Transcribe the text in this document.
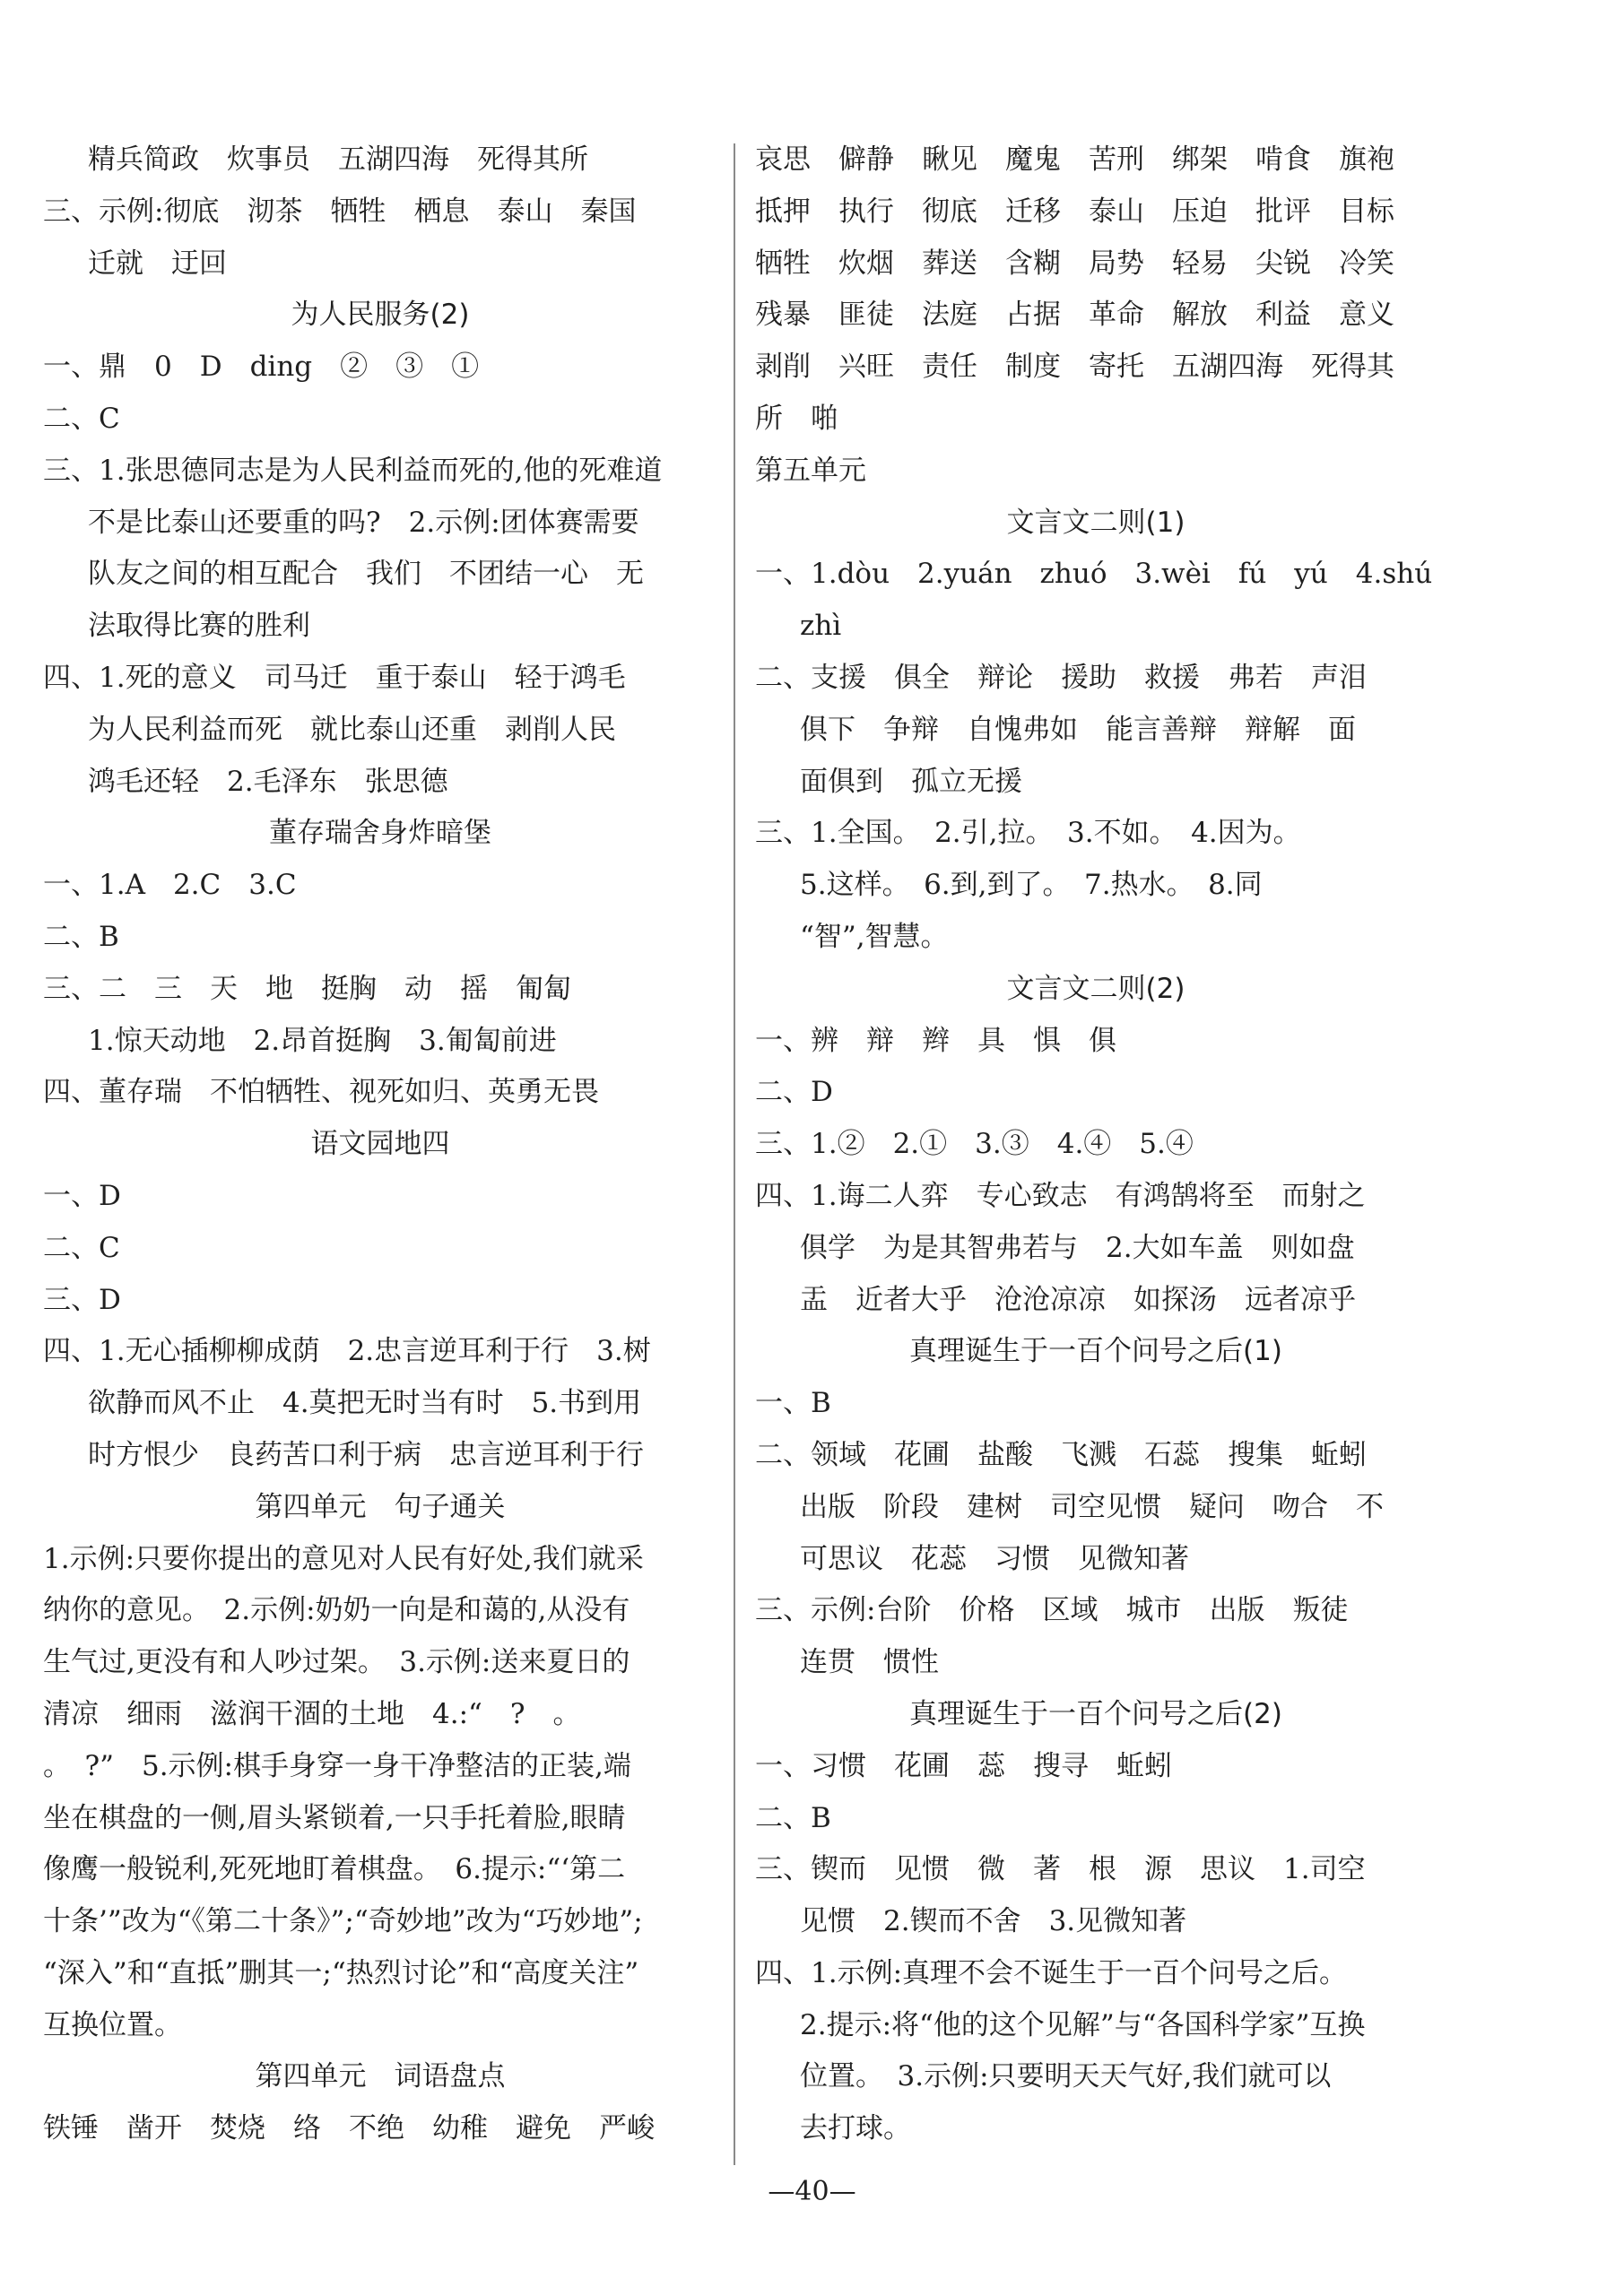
精兵简政　炊事员　五湖四海　死得其所
三、示例:彻底　沏茶　牺牲　栖息　泰山　秦国
迁就　迂回
为人民服务(2)
一、鼎　0　D　ding　②　③　①
二、C
三、1.张思德同志是为人民利益而死的,他的死难道
不是比泰山还要重的吗?　2.示例:团体赛需要
队友之间的相互配合　我们　不团结一心　无
法取得比赛的胜利
四、1.死的意义　司马迁　重于泰山　轻于鸿毛
为人民利益而死　就比泰山还重　剥削人民
鸿毛还轻　2.毛泽东　张思德
董存瑞舍身炸暗堡
一、1.A　2.C　3.C
二、B
三、二　三　天　地　挺胸　动　摇　匍匐
1.惊天动地　2.昂首挺胸　3.匍匐前进
四、董存瑞　不怕牺牲、视死如归、英勇无畏
语文园地四
一、D
二、C
三、D
四、1.无心插柳柳成荫　2.忠言逆耳利于行　3.树
欲静而风不止　4.莫把无时当有时　5.书到用
时方恨少　良药苦口利于病　忠言逆耳利于行
第四单元　句子通关
1.示例:只要你提出的意见对人民有好处,我们就采
纳你的意见。　2.示例:奶奶一向是和蔼的,从没有
生气过,更没有和人吵过架。　3.示例:送来夏日的
清凉　细雨　滋润干涸的土地　4.:“　?　。
。　?”　5.示例:棋手身穿一身干净整洁的正装,端
坐在棋盘的一侧,眉头紧锁着,一只手托着脸,眼睛
像鹰一般锐利,死死地盯着棋盘。　6.提示:“‘第二
十条’”改为“《第二十条》”;“奇妙地”改为“巧妙地”;
“深入”和“直抵”删其一;“热烈讨论”和“高度关注”
互换位置。
第四单元　词语盘点
铁锤　凿开　焚烧　络　不绝　幼稚　避免　严峻
哀思　僻静　瞅见　魔鬼　苦刑　绑架　啃食　旗袍
抵押　执行　彻底　迁移　泰山　压迫　批评　目标
牺牲　炊烟　葬送　含糊　局势　轻易　尖锐　冷笑
残暴　匪徒　法庭　占据　革命　解放　利益　意义
剥削　兴旺　责任　制度　寄托　五湖四海　死得其
所　啪
第五单元
文言文二则(1)
一、1.dòu　2.yuán　zhuó　3.wèi　fú　yú　4.shú
zhì
二、支援　俱全　辩论　援助　救援　弗若　声泪
俱下　争辩　自愧弗如　能言善辩　辩解　面
面俱到　孤立无援
三、1.全国。　2.引,拉。　3.不如。　4.因为。
5.这样。　6.到,到了。　7.热水。　8.同
“智”,智慧。
文言文二则(2)
一、辨　辩　辫　具　惧　俱
二、D
三、1.②　2.①　3.③　4.④　5.④
四、1.诲二人弈　专心致志　有鸿鹄将至　而射之
俱学　为是其智弗若与　2.大如车盖　则如盘
盂　近者大乎　沧沧凉凉　如探汤　远者凉乎
真理诞生于一百个问号之后(1)
一、B
二、领域　花圃　盐酸　飞溅　石蕊　搜集　蚯蚓
出版　阶段　建树　司空见惯　疑问　吻合　不
可思议　花蕊　习惯　见微知著
三、示例:台阶　价格　区域　城市　出版　叛徒
连贯　惯性
真理诞生于一百个问号之后(2)
一、习惯　花圃　蕊　搜寻　蚯蚓
二、B
三、锲而　见惯　微　著　根　源　思议　1.司空
见惯　2.锲而不舍　3.见微知著
四、1.示例:真理不会不诞生于一百个问号之后。
2.提示:将“他的这个见解”与“各国科学家”互换
位置。　3.示例:只要明天天气好,我们就可以
去打球。
—40—
